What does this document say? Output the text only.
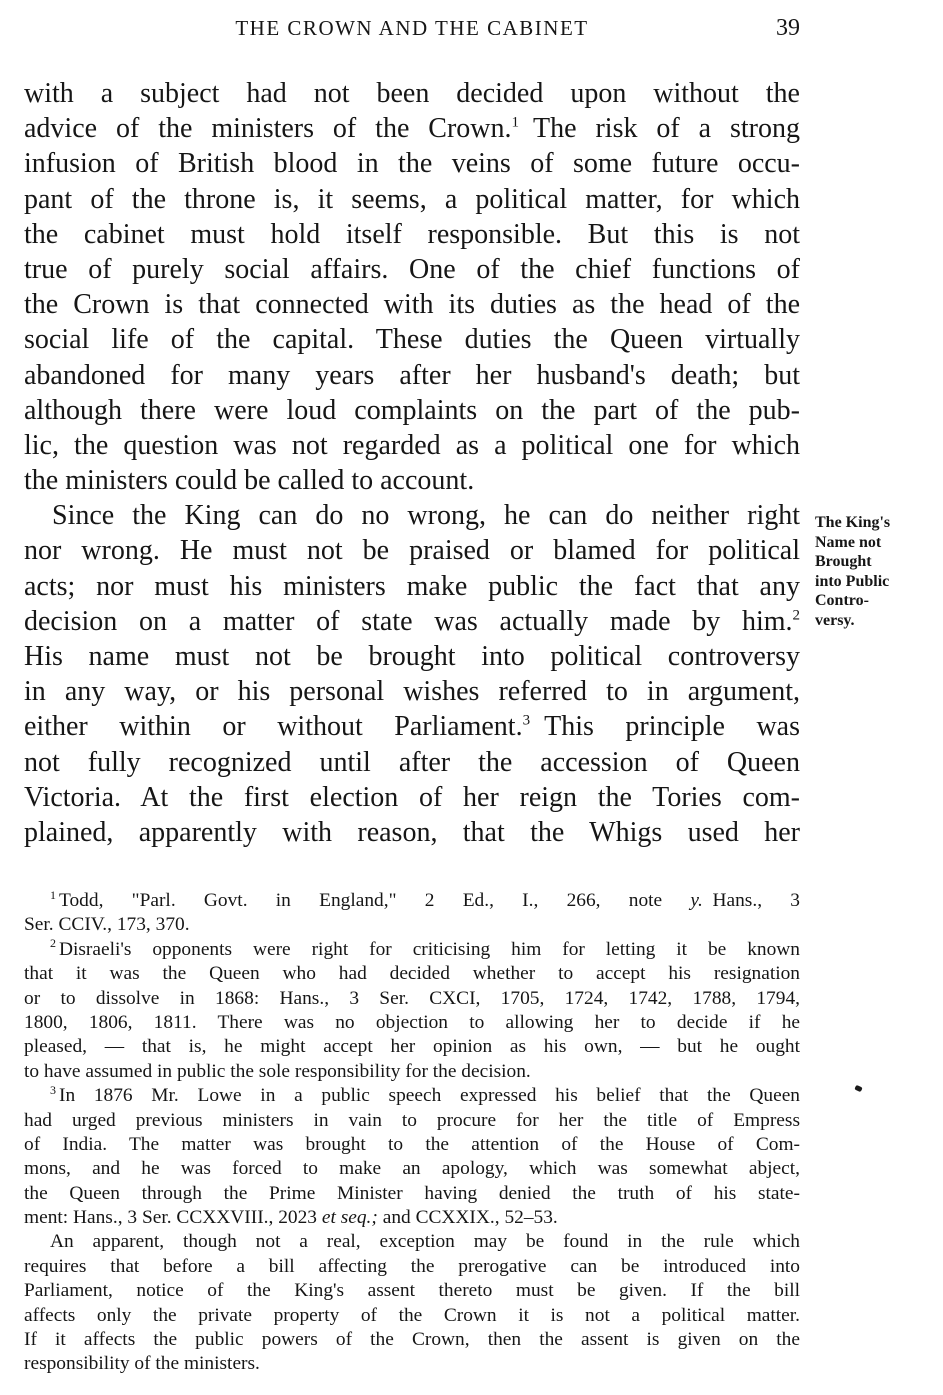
THE CROWN AND THE CABINET	39
with a subject had not been decided upon without the
advice of the ministers of the Crown.$^1$  The risk of a strong
infusion of British blood in the veins of some future occu-
pant of the throne is, it seems, a political matter, for which
the cabinet must hold itself responsible. But this is not
true of purely social affairs. One of the chief functions of
the Crown is that connected with its duties as the head of the
social life of the capital. These duties the Queen virtually
abandoned for many years after her husband's death; but
although there were loud complaints on the part of the pub-
lic, the question was not regarded as a political one for which
the ministers could be called to account.
Since the King can do no wrong, he can do neither right
nor wrong. He must not be praised or blamed for political
acts; nor must his ministers make public the fact that any
decision on a matter of state was actually made by him.$^2$
His name must not be brought into political controversy
in any way, or his personal wishes referred to in argument,
either within or without Parliament.$^3$  This principle was
not fully recognized until after the accession of Queen
Victoria. At the first election of her reign the Tories com-
plained, apparently with reason, that the Whigs used her
The King's
Name not
Brought
into Public
Contro-
versy.
$^1$ Todd, "Parl. Govt. in England," 2 Ed., I., 266, note y.  Hans., 3
Ser. CCIV., 173, 370.
$^2$ Disraeli's opponents were right for criticising him for letting it be known
that it was the Queen who had decided whether to accept his resignation
or to dissolve in 1868: Hans., 3 Ser. CXCI, 1705, 1724, 1742, 1788, 1794,
1800, 1806, 1811. There was no objection to allowing her to decide if he
pleased, — that is, he might accept her opinion as his own, — but he ought
to have assumed in public the sole responsibility for the decision.
$^3$ In 1876 Mr. Lowe in a public speech expressed his belief that the Queen
had urged previous ministers in vain to procure for her the title of Empress
of India. The matter was brought to the attention of the House of Com-
mons, and he was forced to make an apology, which was somewhat abject,
the Queen through the Prime Minister having denied the truth of his state-
ment: Hans., 3 Ser. CCXXVIII., 2023 et seq.; and CCXXIX., 52–53.
An apparent, though not a real, exception may be found in the rule which
requires that before a bill affecting the prerogative can be introduced into
Parliament, notice of the King's assent thereto must be given. If the bill
affects only the private property of the Crown it is not a political matter.
If it affects the public powers of the Crown, then the assent is given on the
responsibility of the ministers.
